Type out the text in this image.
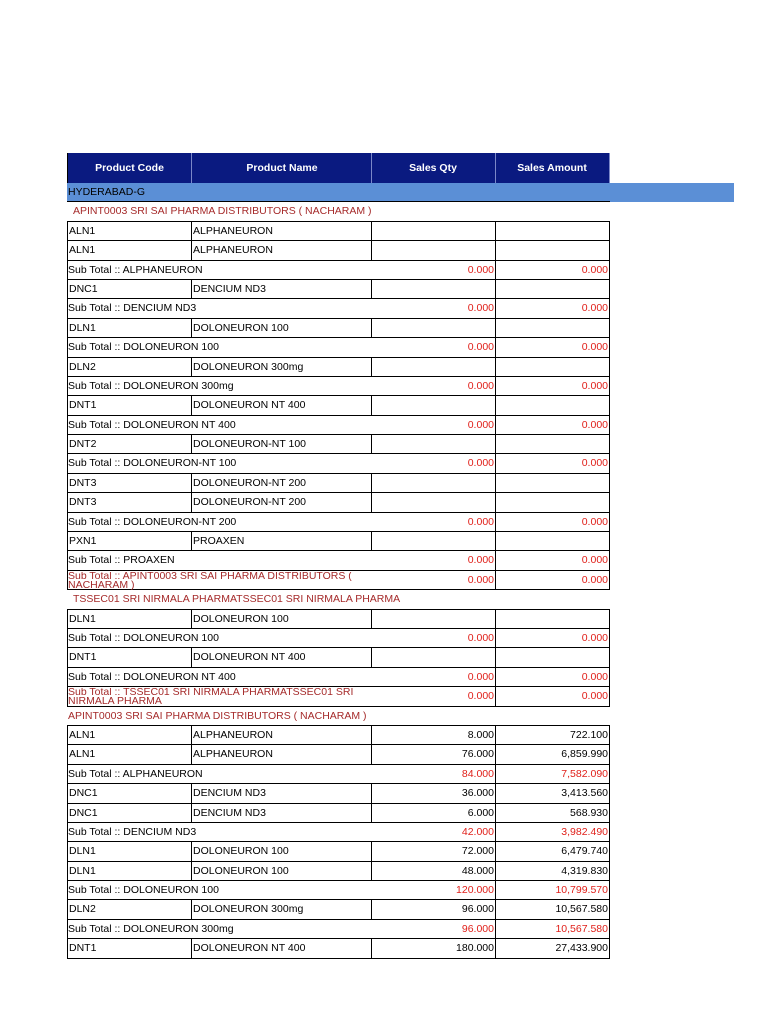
Product Code	Product Name	Sales Qty	Sales Amount
HYDERABAD-G
APINT0003 SRI SAI PHARMA DISTRIBUTORS ( NACHARAM )
ALN1	ALPHANEURON
ALN1	ALPHANEURON
Sub Total :: ALPHANEURON	0.000	0.000
DNC1	DENCIUM ND3
Sub Total :: DENCIUM ND3	0.000	0.000
DLN1	DOLONEURON 100
Sub Total :: DOLONEURON 100	0.000	0.000
DLN2	DOLONEURON 300mg
Sub Total :: DOLONEURON 300mg	0.000	0.000
DNT1	DOLONEURON NT 400
Sub Total :: DOLONEURON NT 400	0.000	0.000
DNT2	DOLONEURON-NT 100
Sub Total :: DOLONEURON-NT 100	0.000	0.000
DNT3	DOLONEURON-NT 200
DNT3	DOLONEURON-NT 200
Sub Total :: DOLONEURON-NT 200	0.000	0.000
PXN1	PROAXEN
Sub Total :: PROAXEN	0.000	0.000
Sub Total :: APINT0003 SRI SAI PHARMA DISTRIBUTORS ( NACHARAM )	0.000	0.000
TSSEC01 SRI NIRMALA PHARMATSSEC01 SRI NIRMALA PHARMA
DLN1	DOLONEURON 100
Sub Total :: DOLONEURON 100	0.000	0.000
DNT1	DOLONEURON NT 400
Sub Total :: DOLONEURON NT 400	0.000	0.000
Sub Total :: TSSEC01 SRI NIRMALA PHARMATSSEC01 SRI NIRMALA PHARMA	0.000	0.000
APINT0003 SRI SAI PHARMA DISTRIBUTORS ( NACHARAM )
ALN1	ALPHANEURON	8.000	722.100
ALN1	ALPHANEURON	76.000	6,859.990
Sub Total :: ALPHANEURON	84.000	7,582.090
DNC1	DENCIUM ND3	36.000	3,413.560
DNC1	DENCIUM ND3	6.000	568.930
Sub Total :: DENCIUM ND3	42.000	3,982.490
DLN1	DOLONEURON 100	72.000	6,479.740
DLN1	DOLONEURON 100	48.000	4,319.830
Sub Total :: DOLONEURON 100	120.000	10,799.570
DLN2	DOLONEURON 300mg	96.000	10,567.580
Sub Total :: DOLONEURON 300mg	96.000	10,567.580
DNT1	DOLONEURON NT 400	180.000	27,433.900
